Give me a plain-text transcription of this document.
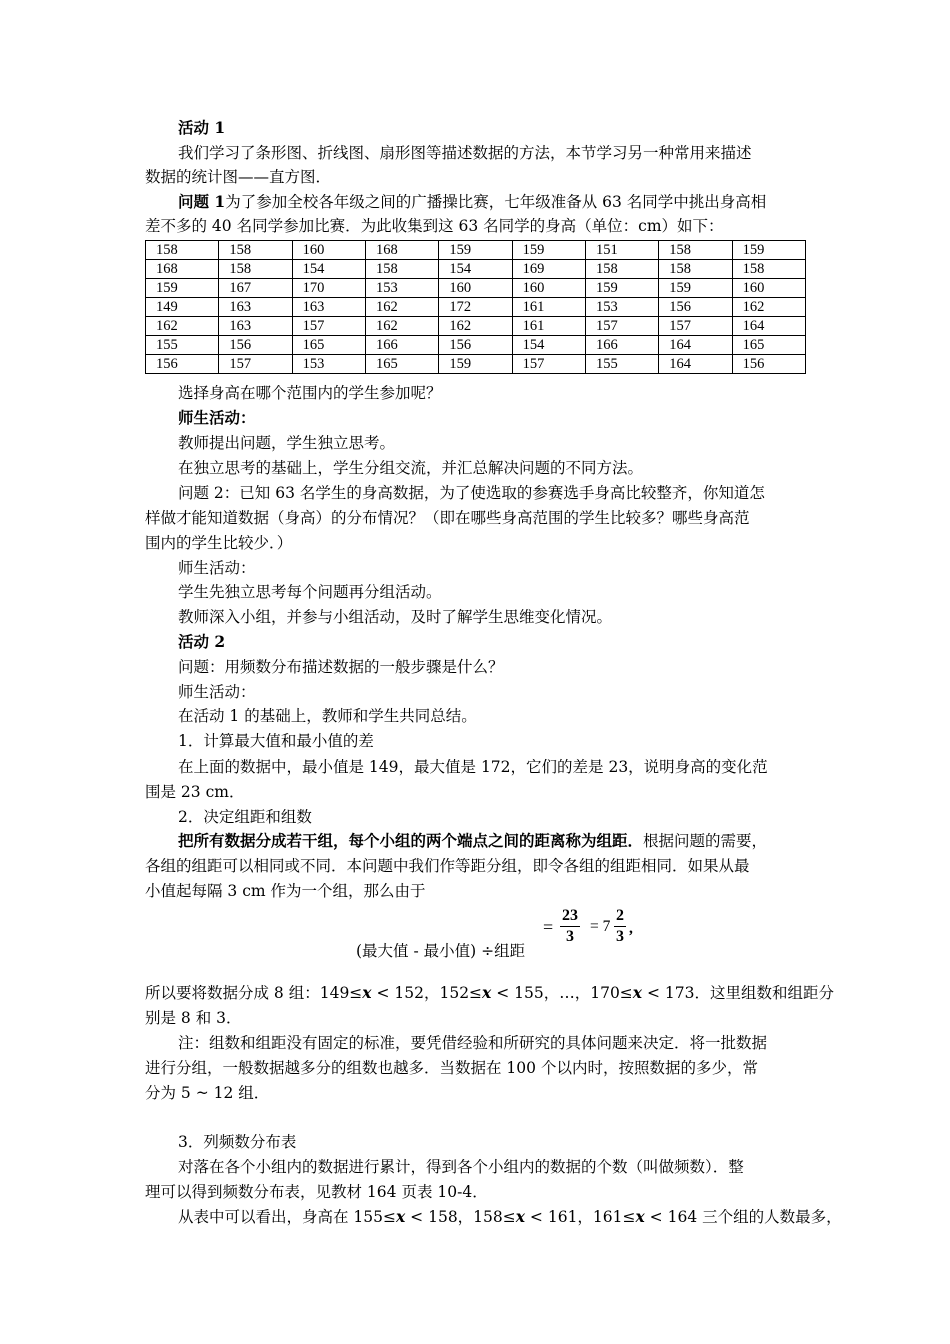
活动 1

我们学习了条形图、折线图、扇形图等描述数据的方法，本节学习另一种常用来描述

数据的统计图——直方图．

问题 1为了参加全校各年级之间的广播操比赛，七年级准备从 63 名同学中挑出身高相

差不多的 40 名同学参加比赛．为此收集到这 63 名同学的身高（单位：cm）如下：

158	158	160	168	159	159	151	158	159
168	158	154	158	154	169	158	158	158
159	167	170	153	160	160	159	159	160
149	163	163	162	172	161	153	156	162
162	163	157	162	162	161	157	157	164
155	156	165	166	156	154	166	164	165
156	157	153	165	159	157	155	164	156

选择身高在哪个范围内的学生参加呢？

师生活动：

教师提出问题，学生独立思考。

在独立思考的基础上，学生分组交流，并汇总解决问题的不同方法。

问题 2：已知 63 名学生的身高数据，为了使选取的参赛选手身高比较整齐，你知道怎

样做才能知道数据（身高）的分布情况？（即在哪些身高范围的学生比较多？哪些身高范

围内的学生比较少．）

师生活动：

学生先独立思考每个问题再分组活动。

教师深入小组，并参与小组活动，及时了解学生思维变化情况。

活动 2

问题：用频数分布描述数据的一般步骤是什么？

师生活动：

在活动 1 的基础上，教师和学生共同总结。

1．计算最大值和最小值的差

在上面的数据中，最小值是 149，最大值是 172，它们的差是 23，说明身高的变化范

围是 23 cm．

2．决定组距和组数

把所有数据分成若干组，每个小组的两个端点之间的距离称为组距．根据问题的需要，

各组的组距可以相同或不同．本问题中我们作等距分组，即令各组的组距相同．如果从最

小值起每隔 3 cm 作为一个组，那么由于

(最大值 - 最小值) ÷组距
= $\frac{23}{3} = 7 \frac{2}{3}$ ,

所以要将数据分成 8 组：149≤x < 152，152≤x < 155，…，170≤x < 173．这里组数和组距分

别是 8 和 3．

注：组数和组距没有固定的标准，要凭借经验和所研究的具体问题来决定．将一批数据

进行分组，一般数据越多分的组数也越多．当数据在 100 个以内时，按照数据的多少，常

分为 5 ~ 12 组．

3．列频数分布表

对落在各个小组内的数据进行累计，得到各个小组内的数据的个数（叫做频数）．整

理可以得到频数分布表，见教材 164 页表 10-4．

从表中可以看出，身高在 155≤x < 158，158≤x < 161，161≤x < 164 三个组的人数最多，
